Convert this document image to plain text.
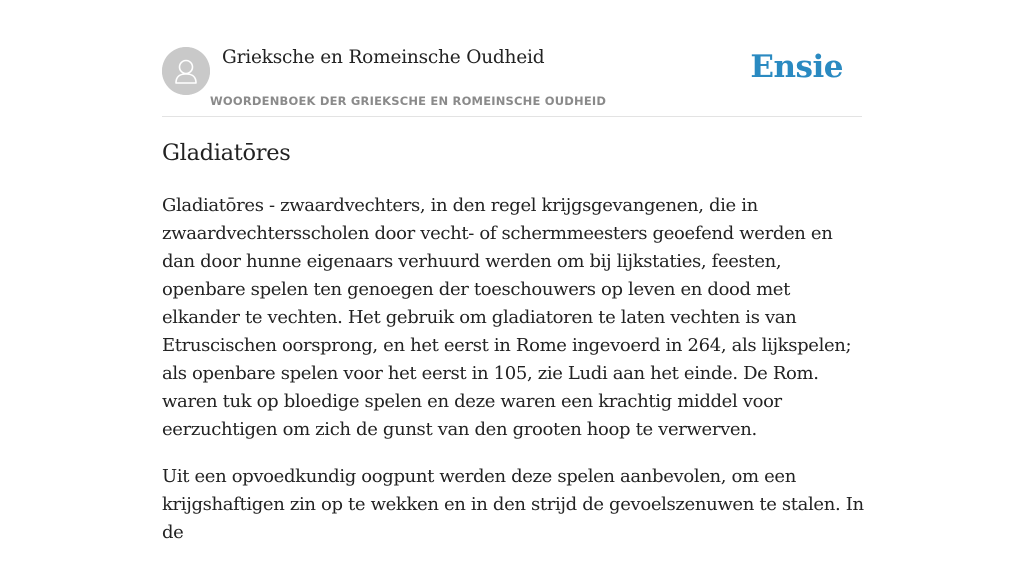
Grieksche en Romeinsche Oudheid
WOORDENBOEK DER GRIEKSCHE EN ROMEINSCHE OUDHEID
Ensie
Gladiatōres

Gladiatōres - zwaardvechters, in den regel krijgsgevangenen, die in zwaardvechtersscholen door vecht- of schermmeesters geoefend werden en dan door hunne eigenaars verhuurd werden om bij lijkstaties, feesten, openbare spelen ten genoegen der toeschouwers op leven en dood met elkander te vechten. Het gebruik om gladiatoren te laten vechten is van Etruscischen oorsprong, en het eerst in Rome ingevoerd in 264, als lijkspelen; als openbare spelen voor het eerst in 105, zie Ludi aan het einde. De Rom. waren tuk op bloedige spelen en deze waren een krachtig middel voor eerzuchtigen om zich de gunst van den grooten hoop te verwerven.

Uit een opvoedkundig oogpunt werden deze spelen aanbevolen, om een krijgshaftigen zin op te wekken en in den strijd de gevoelszenuwen te stalen. In de
